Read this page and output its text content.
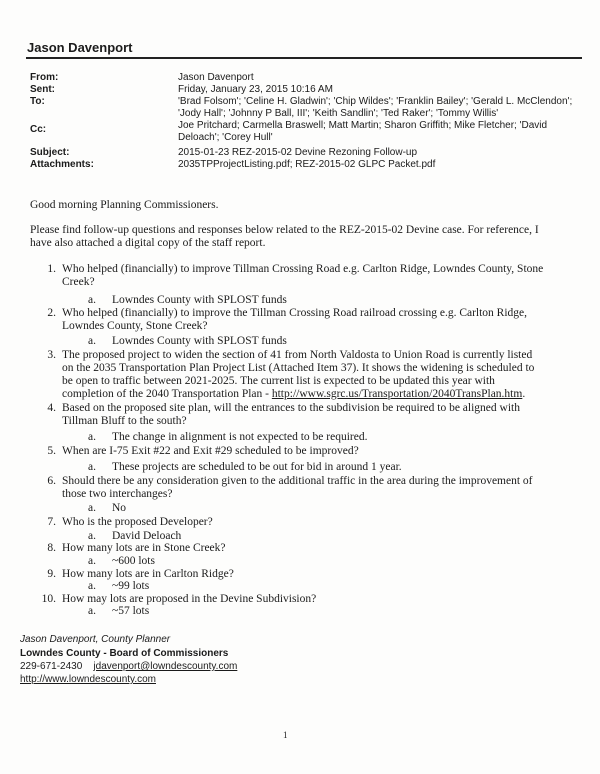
Jason Davenport
From:	Jason Davenport
Sent:	Friday, January 23, 2015 10:16 AM
To:	'Brad Folsom'; 'Celine H. Gladwin'; 'Chip Wildes'; 'Franklin Bailey'; 'Gerald L. McClendon';
'Jody Hall'; 'Johnny P Ball, III'; 'Keith Sandlin'; 'Ted Raker'; 'Tommy Willis'
Cc:	Joe Pritchard; Carmella Braswell; Matt Martin; Sharon Griffith; Mike Fletcher; 'David
Deloach'; 'Corey Hull'
Subject:	2015-01-23 REZ-2015-02 Devine Rezoning Follow-up
Attachments:	2035TPProjectListing.pdf; REZ-2015-02 GLPC Packet.pdf
Good morning Planning Commissioners.
Please find follow-up questions and responses below related to the REZ-2015-02 Devine case. For reference, I
have also attached a digital copy of the staff report.
1. Who helped (financially) to improve Tillman Crossing Road e.g. Carlton Ridge, Lowndes County, Stone
Creek?
a.	Lowndes County with SPLOST funds
2. Who helped (financially) to improve the Tillman Crossing Road railroad crossing e.g. Carlton Ridge,
Lowndes County, Stone Creek?
a.	Lowndes County with SPLOST funds
3. The proposed project to widen the section of 41 from North Valdosta to Union Road is currently listed
on the 2035 Transportation Plan Project List (Attached Item 37). It shows the widening is scheduled to
be open to traffic between 2021-2025. The current list is expected to be updated this year with
completion of the 2040 Transportation Plan - http://www.sgrc.us/Transportation/2040TransPlan.htm.
4. Based on the proposed site plan, will the entrances to the subdivision be required to be aligned with
Tillman Bluff to the south?
a.	The change in alignment is not expected to be required.
5. When are I-75 Exit #22 and Exit #29 scheduled to be improved?
a.	These projects are scheduled to be out for bid in around 1 year.
6. Should there be any consideration given to the additional traffic in the area during the improvement of
those two interchanges?
a.	No
7. Who is the proposed Developer?
a.	David Deloach
8. How many lots are in Stone Creek?
a.	~600 lots
9. How many lots are in Carlton Ridge?
a.	~99 lots
10. How may lots are proposed in the Devine Subdivision?
a.	~57 lots
Jason Davenport, County Planner
Lowndes County - Board of Commissioners
229-671-2430 jdavenport@lowndescounty.com
http://www.lowndescounty.com
1
